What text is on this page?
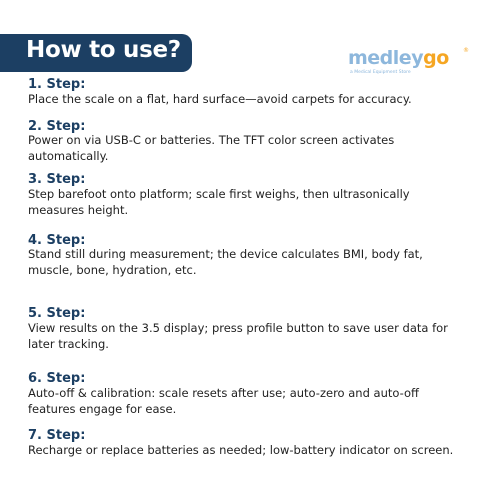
How to use?	medleygo ®
a Medical Equipment Store
1. Step:
Place the scale on a flat, hard surface—avoid carpets for accuracy.
2. Step:
Power on via USB-C or batteries. The TFT color screen activates automatically.
3. Step:
Step barefoot onto platform; scale first weighs, then ultrasonically measures height.
4. Step:
Stand still during measurement; the device calculates BMI, body fat, muscle, bone, hydration, etc.
5. Step:
View results on the 3.5 display; press profile button to save user data for later tracking.
6. Step:
Auto-off & calibration: scale resets after use; auto-zero and auto-off features engage for ease.
7. Step:
Recharge or replace batteries as needed; low-battery indicator on screen.
